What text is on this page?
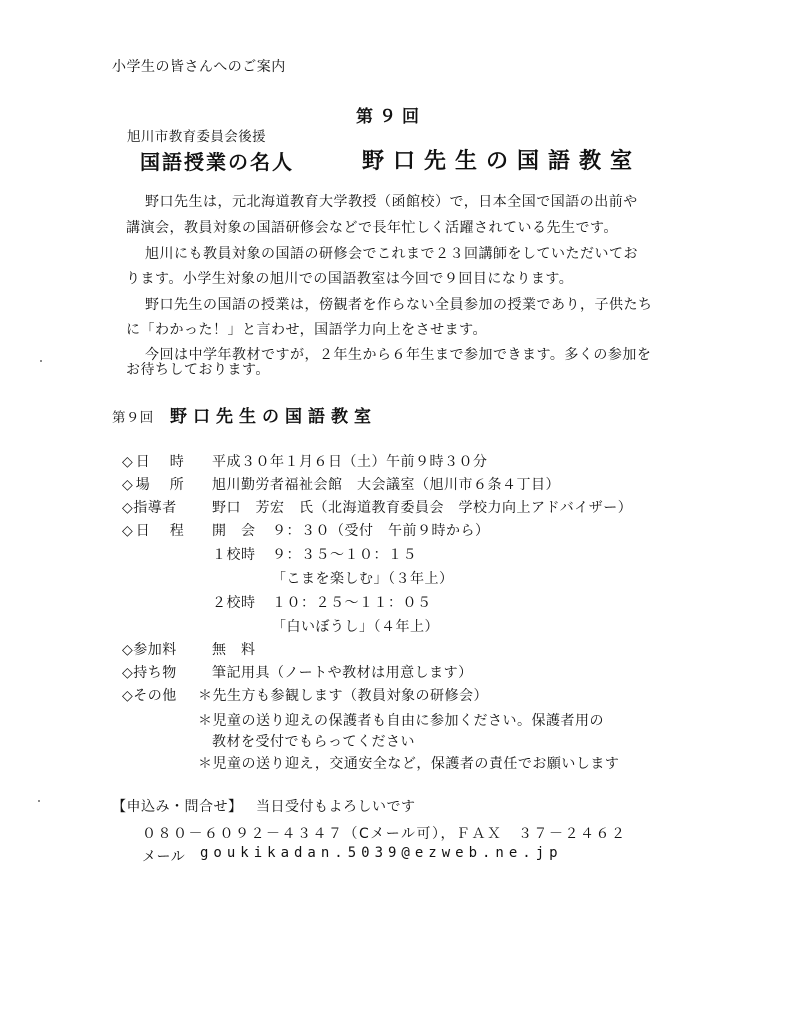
小学生の皆さんへのご案内
第９回
旭川市教育委員会後援
国語授業の名人	野口先生の国語教室
野口先生は，元北海道教育大学教授（函館校）で，日本全国で国語の出前や
講演会，教員対象の国語研修会などで長年忙しく活躍されている先生です。
旭川にも教員対象の国語の研修会でこれまで２３回講師をしていただいてお
ります。小学生対象の旭川での国語教室は今回で９回目になります。
野口先生の国語の授業は，傍観者を作らない全員参加の授業であり，子供たち
に「わかった！」と言わせ，国語学力向上をさせます。
今回は中学年教材ですが，２年生から６年生まで参加できます。多くの参加を
お待ちしております。
第９回 野口先生の国語教室
◇日　時 平成３０年１月６日（土）午前９時３０分
◇場　所 旭川勤労者福祉会館　大会議室（旭川市６条４丁目）
◇指導者	野口　芳宏　氏（北海道教育委員会　学校力向上アドバイザー）
◇日　程 開　会 ９：３０（受付　午前９時から）
１校時 ９：３５～１０：１５
「こまを楽しむ」（３年上）
２校時 １０：２５～１１：０５
「白いぼうし」（４年上）
◇参加料	無　料
◇持ち物	筆記用具（ノートや教材は用意します）
◇その他 ＊先生方も参観します（教員対象の研修会）
＊児童の送り迎えの保護者も自由に参加ください。保護者用の
教材を受付でもらってください
＊児童の送り迎え，交通安全など，保護者の責任でお願いします
【申込み・問合せ】 当日受付もよろしいです
０８０－６０９２－４３４７（Cメール可），ＦＡＸ　３７－２４６２
メール goukikadan.5039@ezweb.ne.jp
